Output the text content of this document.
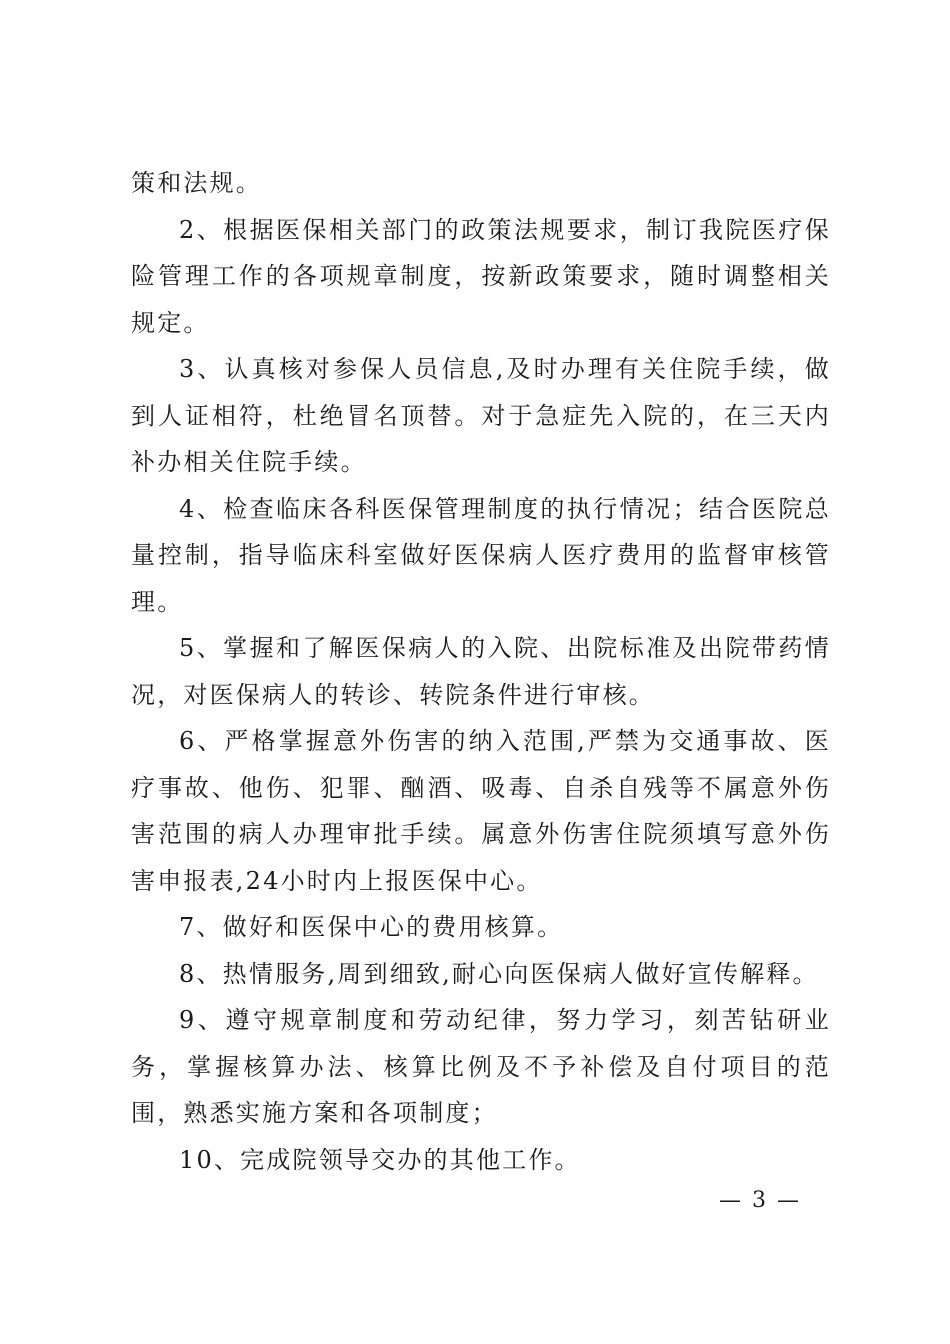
策和法规。

2、根据医保相关部门的政策法规要求，制订我院医疗保险管理工作的各项规章制度，按新政策要求，随时调整相关规定。

3、认真核对参保人员信息,及时办理有关住院手续，做到人证相符，杜绝冒名顶替。对于急症先入院的，在三天内补办相关住院手续。

4、检查临床各科医保管理制度的执行情况；结合医院总量控制，指导临床科室做好医保病人医疗费用的监督审核管理。

5、掌握和了解医保病人的入院、出院标准及出院带药情况，对医保病人的转诊、转院条件进行审核。

6、严格掌握意外伤害的纳入范围,严禁为交通事故、医疗事故、他伤、犯罪、酗酒、吸毒、自杀自残等不属意外伤害范围的病人办理审批手续。属意外伤害住院须填写意外伤害申报表,24小时内上报医保中心。

7、做好和医保中心的费用核算。

8、热情服务,周到细致,耐心向医保病人做好宣传解释。

9、遵守规章制度和劳动纪律，努力学习，刻苦钻研业务，掌握核算办法、核算比例及不予补偿及自付项目的范围，熟悉实施方案和各项制度；

10、完成院领导交办的其他工作。

— 3 —
